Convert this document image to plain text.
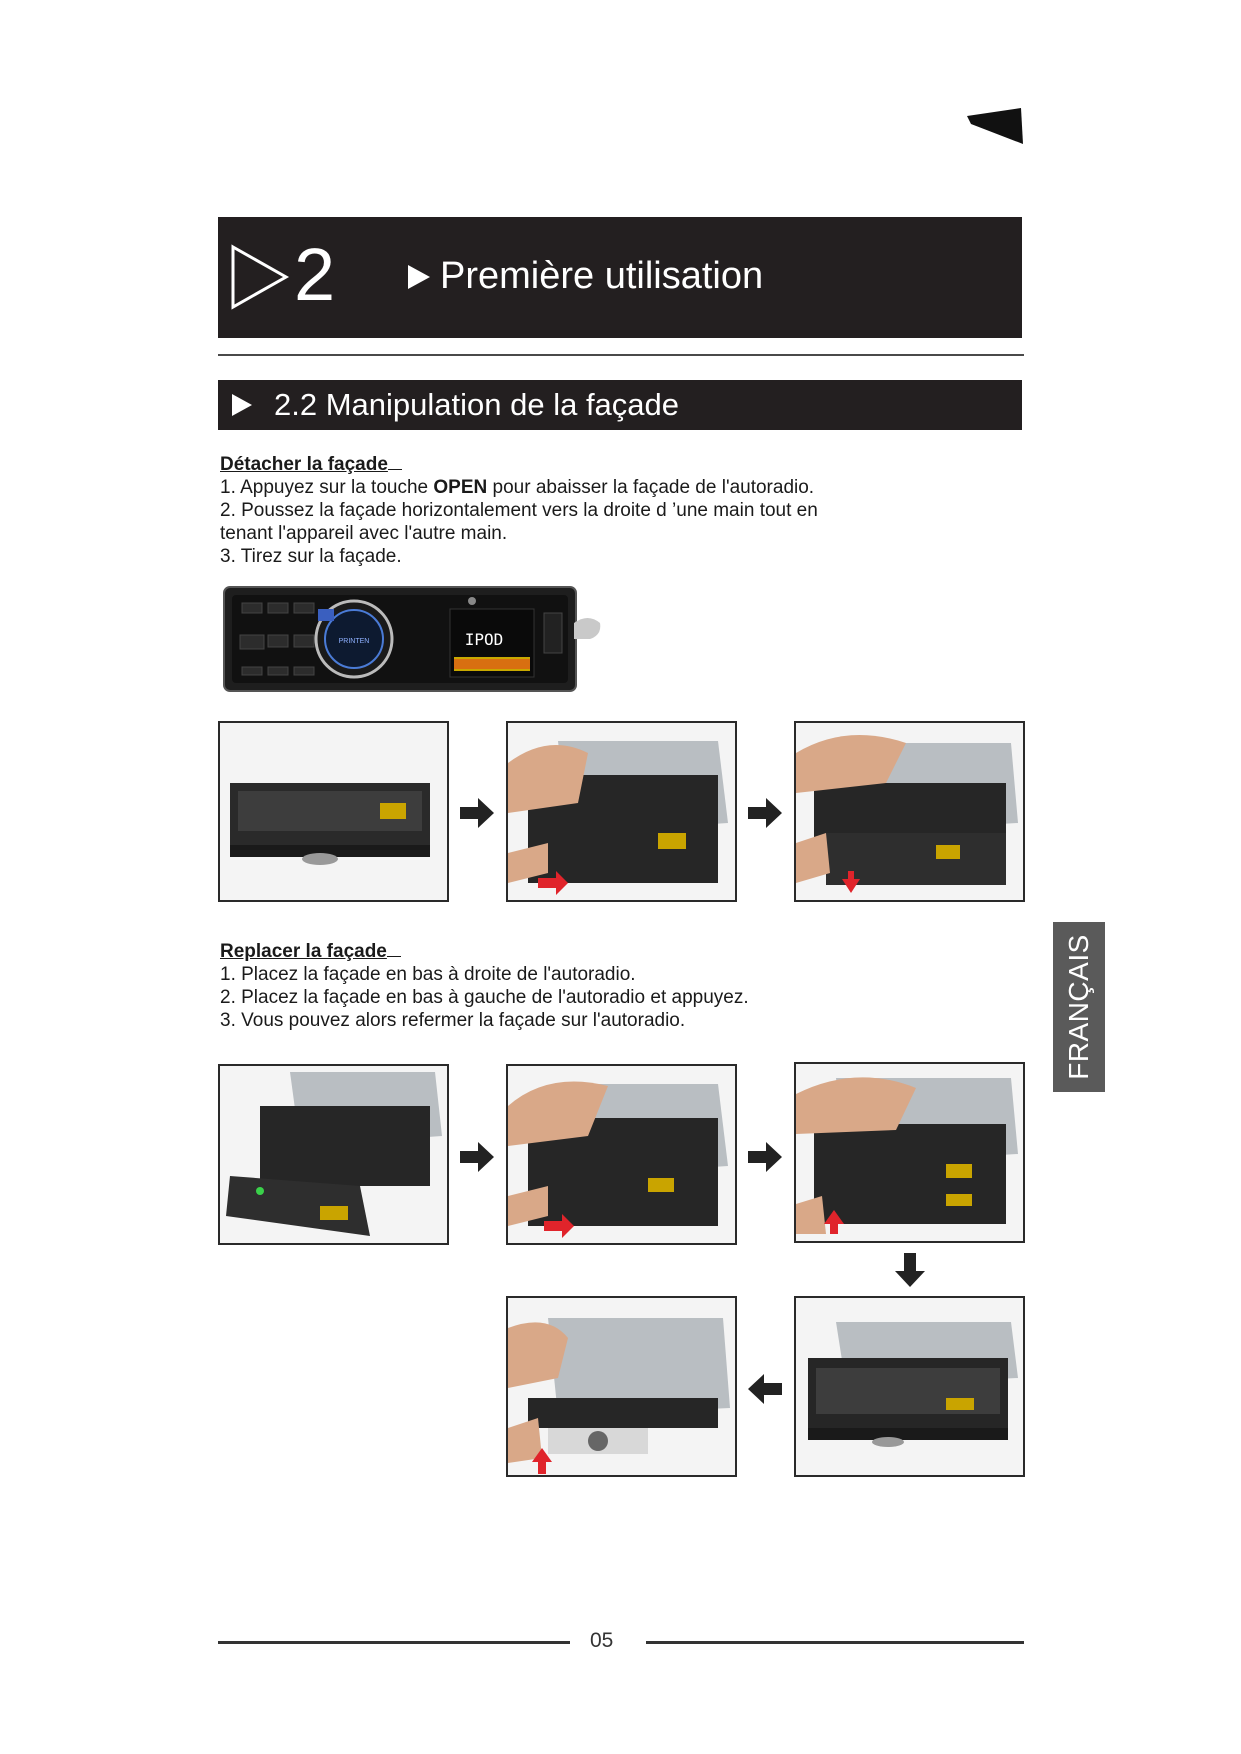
2	Première utilisation
2.2 Manipulation de la façade
Détacher la façade

1. Appuyez sur la touche OPEN pour abaisser la façade de l'autoradio.

2. Poussez la façade horizontalement vers la droite d ’une main tout en tenant l'appareil avec l'autre main.

3. Tirez sur la façade.

PRINTEN	IPOD
Replacer la façade

1. Placez la façade en bas à droite de l'autoradio.

2. Placez la façade en bas à gauche de l'autoradio et appuyez.

3. Vous pouvez alors refermer la façade sur l'autoradio.	FRANÇAIS
05
